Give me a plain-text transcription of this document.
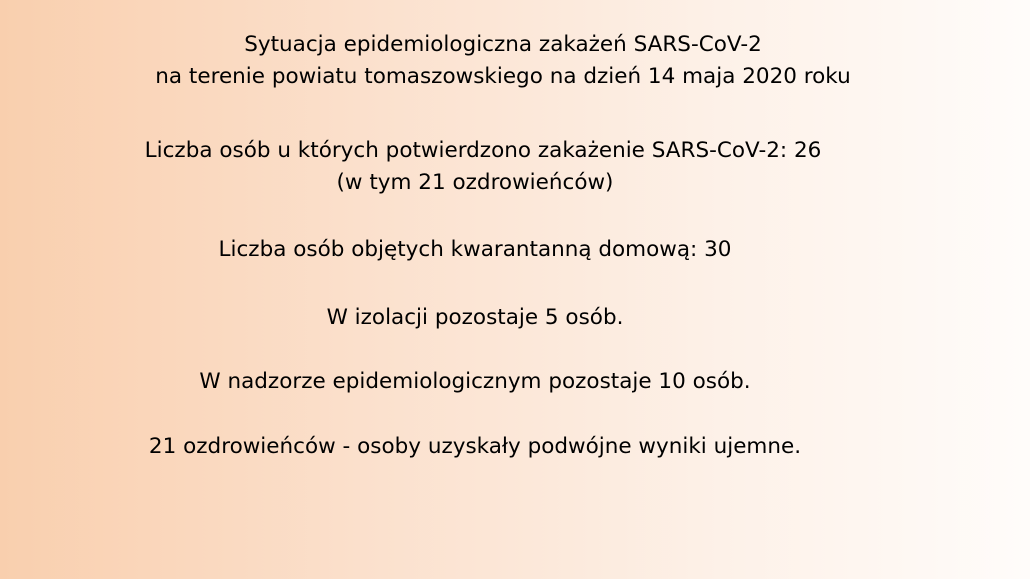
Sytuacja epidemiologiczna zakażeń SARS-CoV-2
na terenie powiatu tomaszowskiego na dzień 14 maja 2020 roku
Liczba osób u których potwierdzono zakażenie SARS-CoV-2: 26
(w tym 21 ozdrowieńców)
Liczba osób objętych kwarantanną domową: 30
W izolacji pozostaje 5 osób.
W nadzorze epidemiologicznym pozostaje 10 osób.
21 ozdrowieńców - osoby uzyskały podwójne wyniki ujemne.
